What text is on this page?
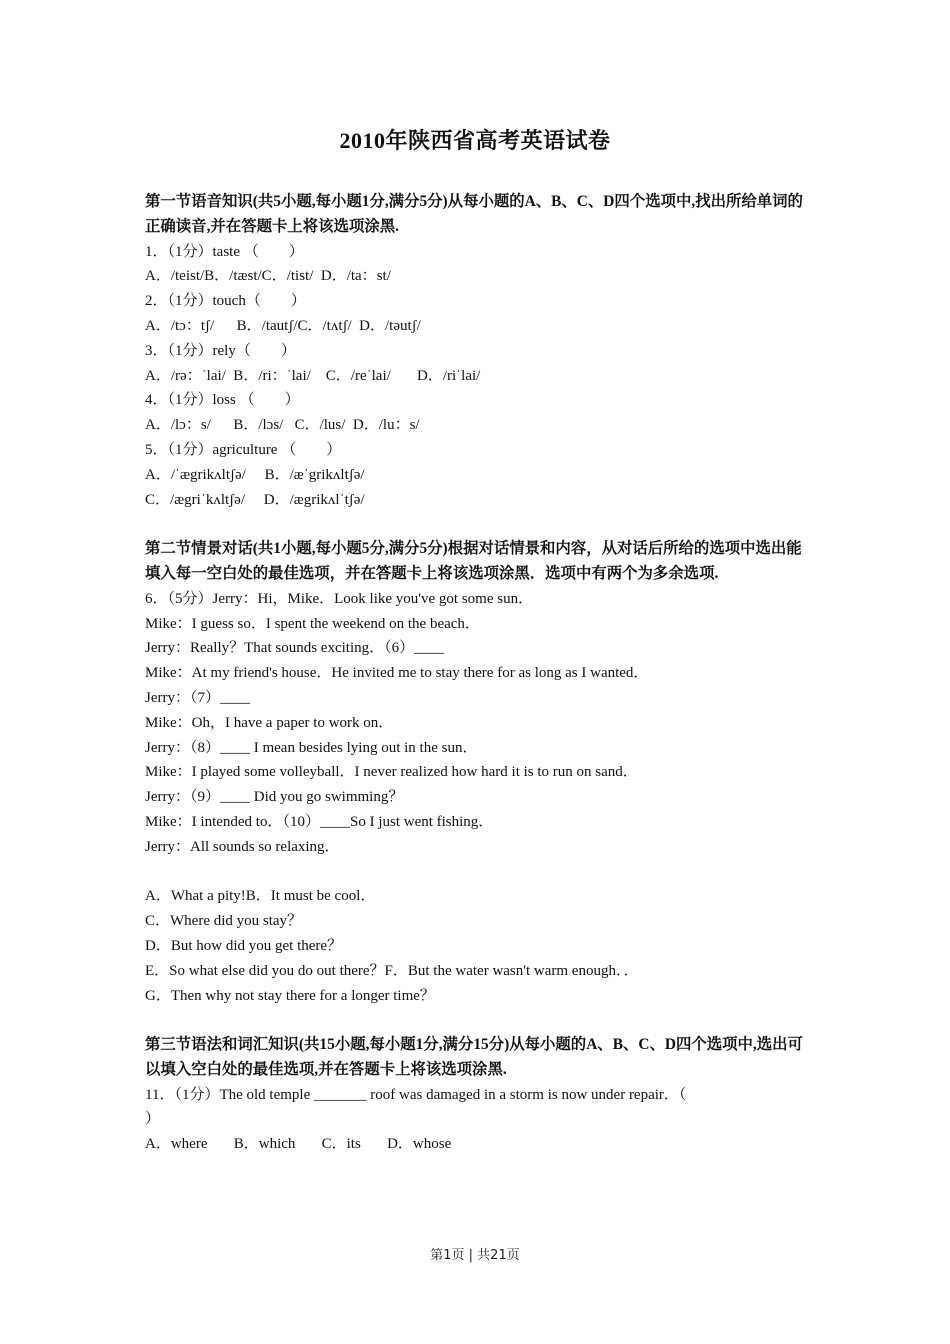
2010年陕西省高考英语试卷
第一节语音知识(共5小题,每小题1分,满分5分)从每小题的A、B、C、D四个选项中,找出所给单词的正确读音,并在答题卡上将该选项涂黑.
1．（1分）taste （　　）
A．/teist/B．/tæst/C．/tist/  D．/ta：st/
2．（1分）touch（　　）
A．/tɔ：tʃ/      B．/tautʃ/C．/tʌtʃ/  D．/təutʃ/
3．（1分）rely（　　）
A．/rə：ˈlai/  B．/ri：ˈlai/    C．/reˈlai/       D．/riˈlai/
4．（1分）loss （　　）
A．/lɔ：s/      B．/lɔs/   C．/lus/  D．/lu：s/
5．（1分）agriculture （　　）
A．/ˈægrikʌltʃə/     B．/æˈgrikʌltʃə/
C．/ægriˈkʌltʃə/     D．/ægrikʌlˈtʃə/
第二节情景对话(共1小题,每小题5分,满分5分)根据对话情景和内容，从对话后所给的选项中选出能填入每一空白处的最佳选项，并在答题卡上将该选项涂黑．选项中有两个为多余选项.
6．（5分）Jerry：Hi，Mike．Look like you've got some sun．
Mike：I guess so．I spent the weekend on the beach．
Jerry：Really？That sounds exciting．（6）____
Mike：At my friend's house．He invited me to stay there for as long as I wanted．
Jerry：（7）____
Mike：Oh，I have a paper to work on．
Jerry：（8）____ I mean besides lying out in the sun．
Mike：I played some volleyball．I never realized how hard it is to run on sand．
Jerry：（9）____ Did you go swimming？
Mike：I intended to．（10）____So I just went fishing．
Jerry：All sounds so relaxing．
A．What a pity!B．It must be cool．
C．Where did you stay？
D．But how did you get there？
E．So what else did you do out there？F．But the water wasn't warm enough．．
G．Then why not stay there for a longer time？
第三节语法和词汇知识(共15小题,每小题1分,满分15分)从每小题的A、B、C、D四个选项中,选出可以填入空白处的最佳选项,并在答题卡上将该选项涂黑.
11．（1分）The old temple _______ roof was damaged in a storm is now under repair．（
）
A．where       B．which       C．its       D．whose
第1页 | 共21页
